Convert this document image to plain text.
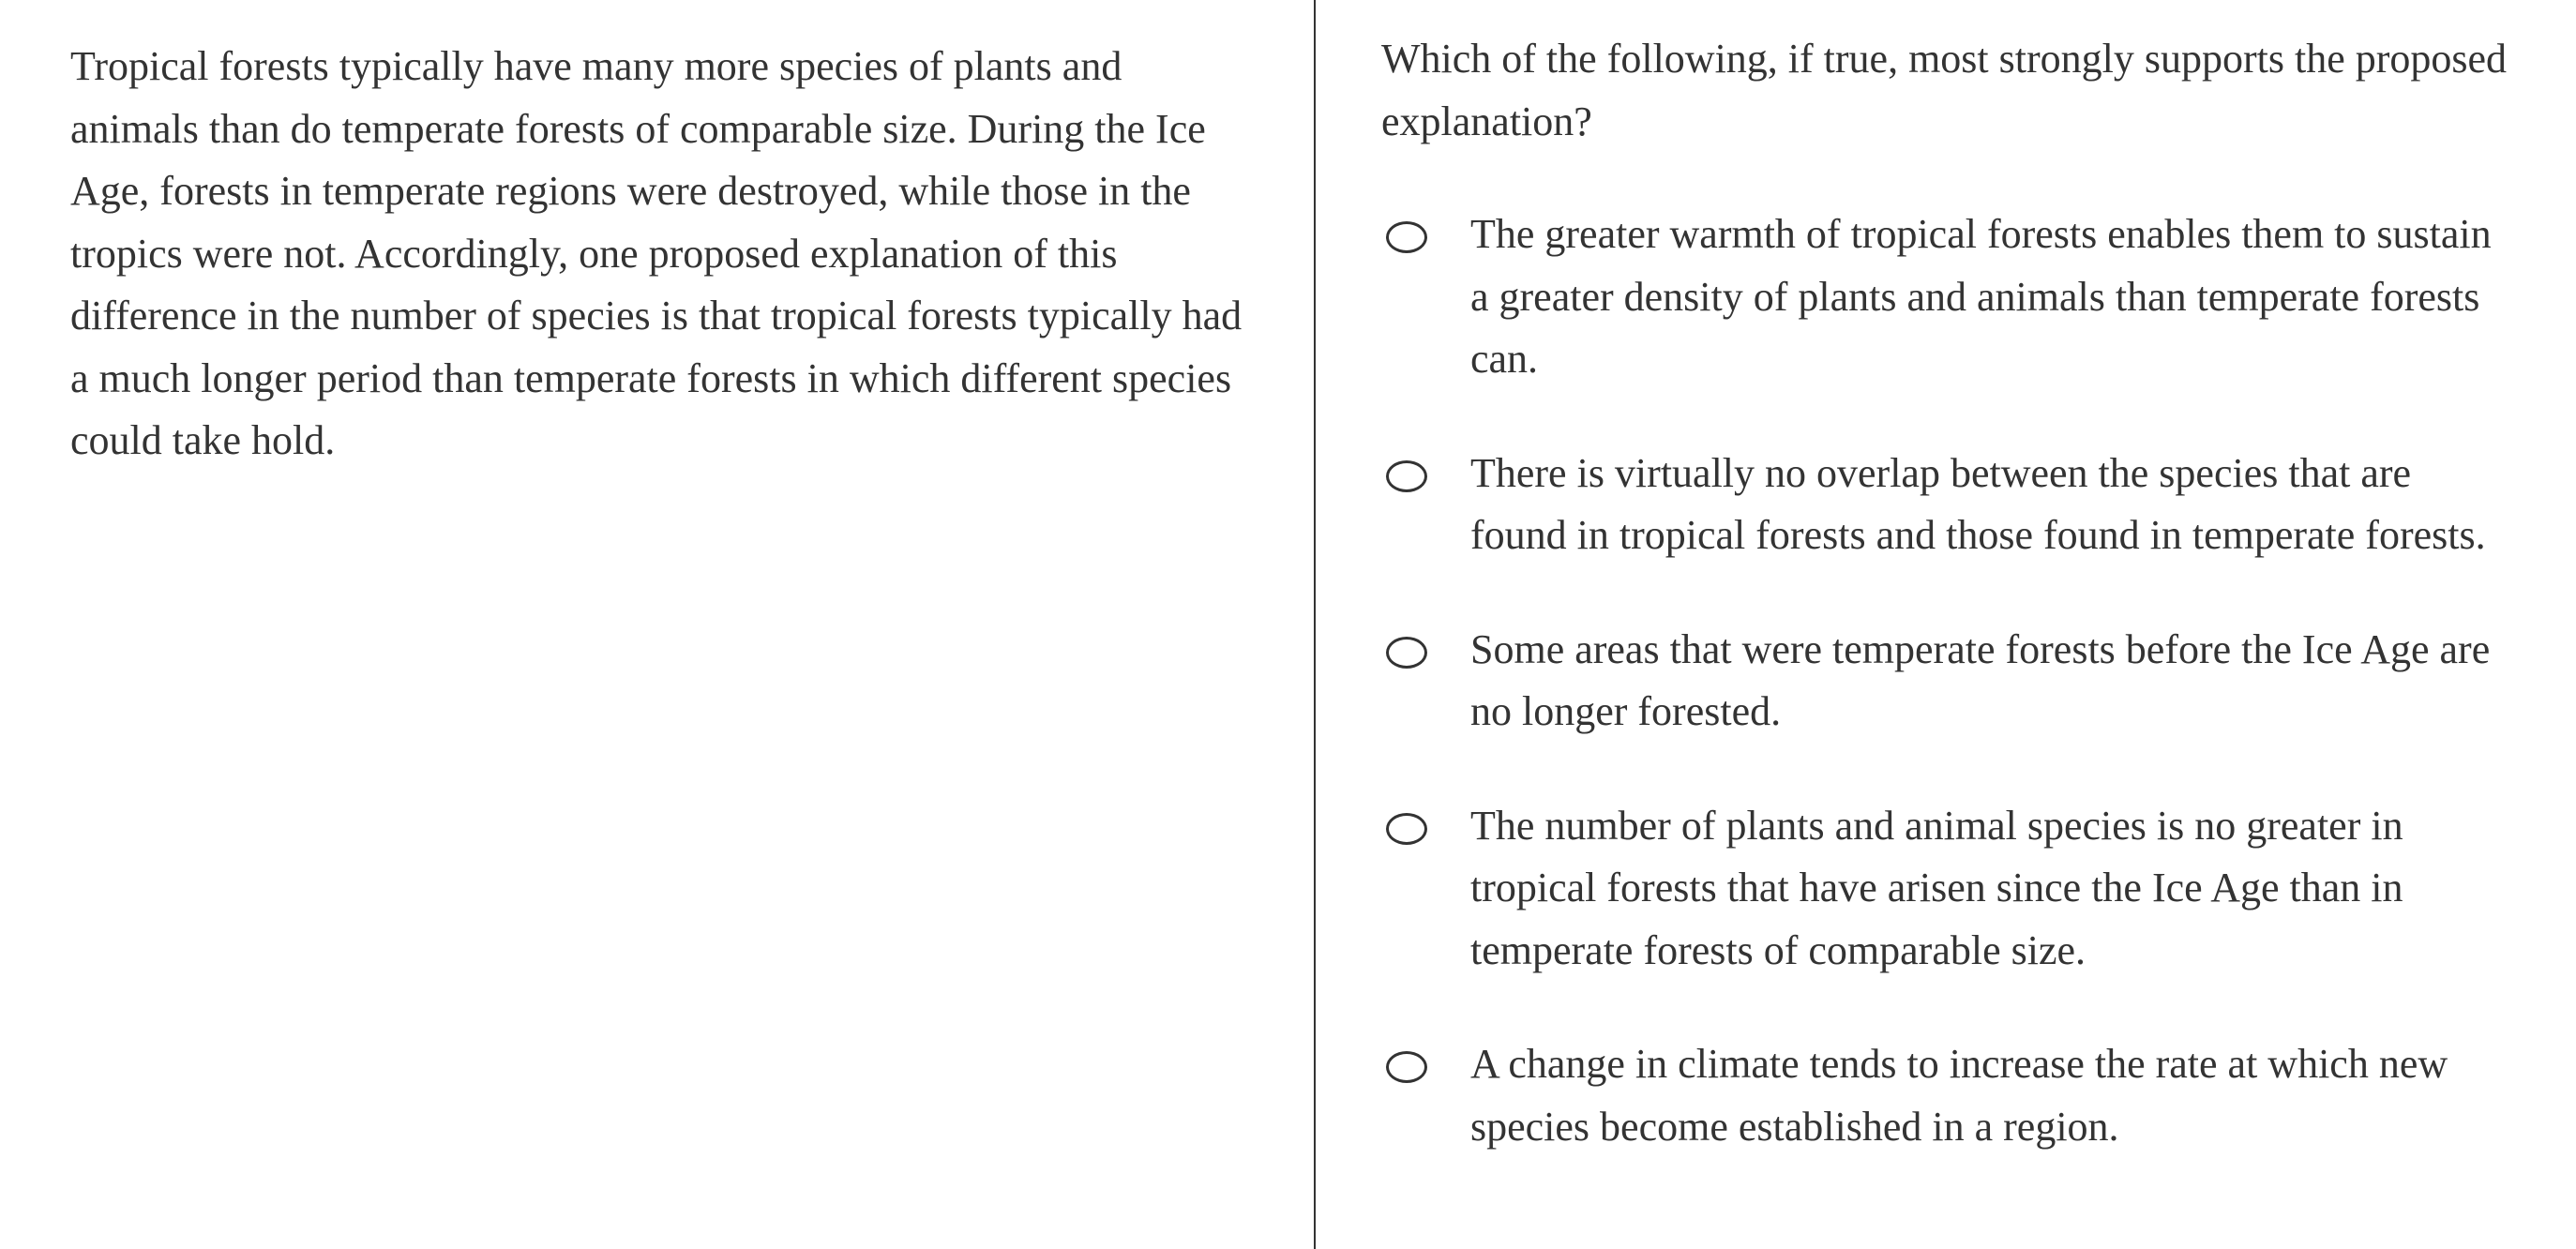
Tropical forests typically have many more species of plants and animals than do temperate forests of comparable size. During the Ice Age, forests in temperate regions were destroyed, while those in the tropics were not. Accordingly, one proposed explanation of this difference in the number of species is that tropical forests typically had a much longer period than temperate forests in which different species could take hold.

Which of the following, if true, most strongly supports the proposed explanation?

The greater warmth of tropical forests enables them to sustain a greater density of plants and animals than temperate forests can.
There is virtually no overlap between the species that are found in tropical forests and those found in temperate forests.
Some areas that were temperate forests before the Ice Age are no longer forested.
The number of plants and animal species is no greater in tropical forests that have arisen since the Ice Age than in temperate forests of comparable size.
A change in climate tends to increase the rate at which new species become established in a region.
